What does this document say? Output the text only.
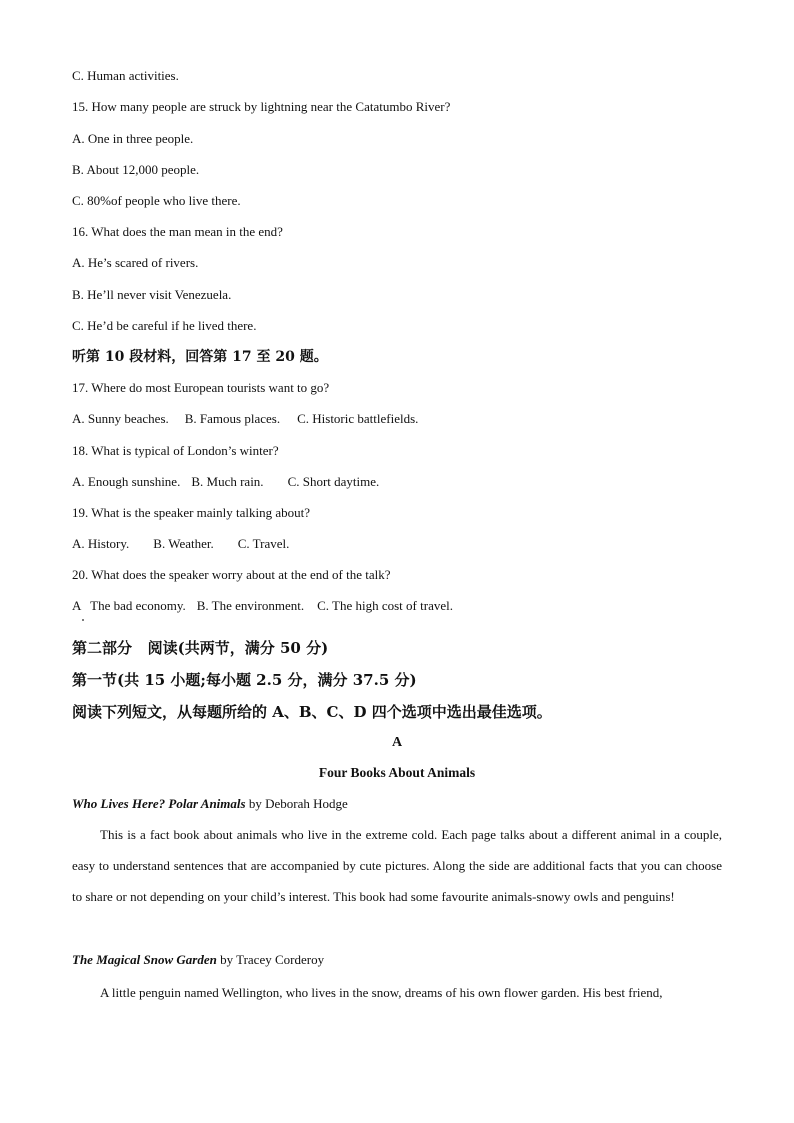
C. Human activities.
15. How many people are struck by lightning near the Catatumbo River?
A. One in three people.
B. About 12,000 people.
C. 80%of people who live there.
16. What does the man mean in the end?
A. He’s scared of rivers.
B. He’ll never visit Venezuela.
C. He’d be careful if he lived there.
听第 10 段材料，回答第 17 至 20 题。
17. Where do most European tourists want to go?
A. Sunny beaches. B. Famous places. C. Historic battlefields.
18. What is typical of London’s winter?
A. Enough sunshine. B. Much rain. C. Short daytime.
19. What is the speaker mainly talking about?
A. History. B. Weather. C. Travel.
20. What does the speaker worry about at the end of the talk?
A   The bad economy. B. The environment. C. The high cost of travel.
第二部分   阅读(共两节，满分 50 分)
第一节(共 15 小题;每小题 2.5 分，满分 37.5 分)
阅读下列短文，从每题所给的 A、B、C、D 四个选项中选出最佳选项。
A
Four Books About Animals
Who Lives Here? Polar Animals by Deborah Hodge
This is a fact book about animals who live in the extreme cold. Each page talks about a different animal in a couple, easy to understand sentences that are accompanied by cute pictures. Along the side are additional facts that you can choose to share or not depending on your child’s interest. This book had some favourite animals-snowy owls and penguins!
The Magical Snow Garden by Tracey Corderoy
A little penguin named Wellington, who lives in the snow, dreams of his own flower garden. His best friend,
